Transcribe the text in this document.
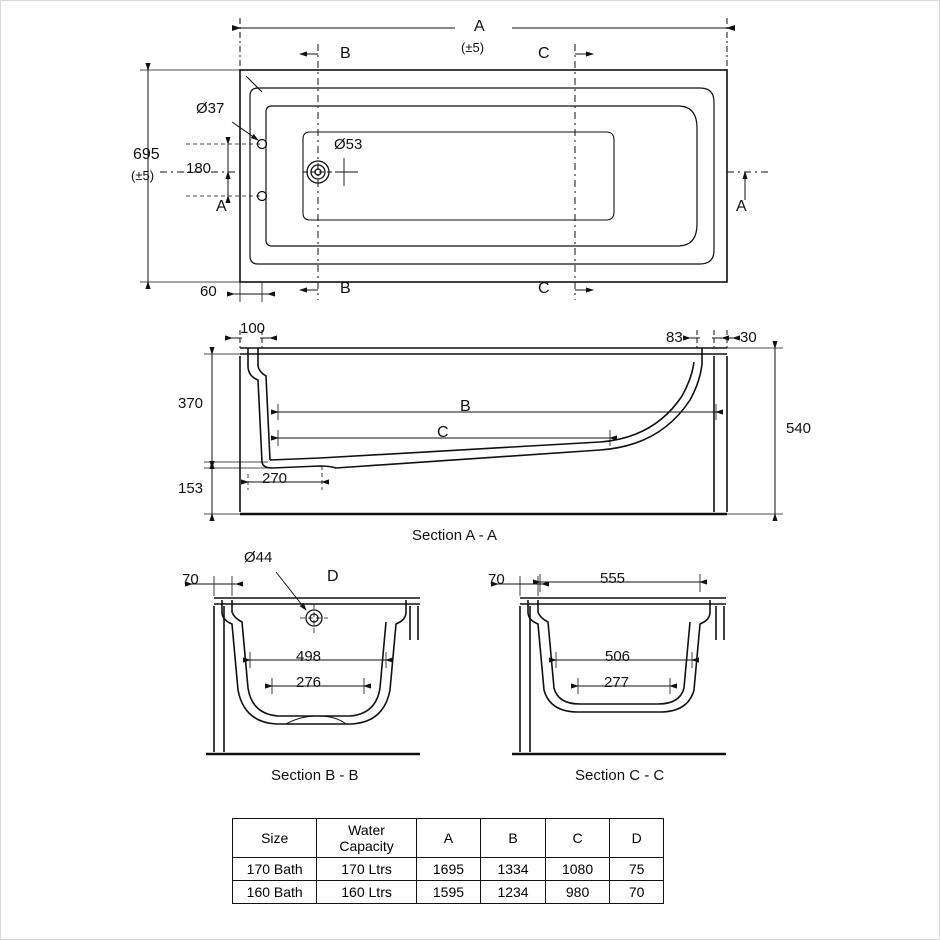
A
(±5)
B	C
B	C
695
(±5) 180
60
Ø37
Ø53
A	A
100
83	30
370
540
153
270
B
C
Section A - A
70
Ø44
D
498
276
Section B - B
70	555
506
277
Section C - C
Size	Water Capacity	A	B	C	D
170 Bath	170 Ltrs	1695	1334	1080	75
160 Bath	160 Ltrs	1595	1234	980	70
